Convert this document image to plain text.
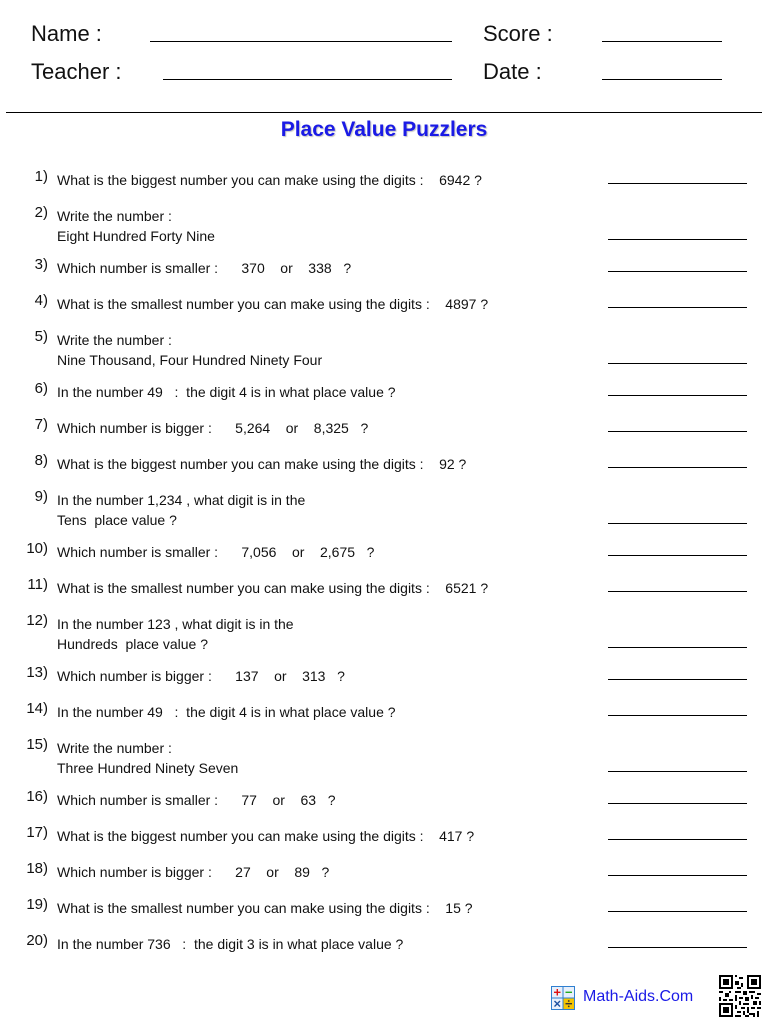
Name :
Teacher :
Score :
Date :
Place Value Puzzlers
1) What is the biggest number you can make using the digits :    6942 ?
2) Write the number :
Eight Hundred Forty Nine
3) Which number is smaller :      370    or    338   ?
4) What is the smallest number you can make using the digits :    4897 ?
5) Write the number :
Nine Thousand, Four Hundred Ninety Four
6) In the number 49   :  the digit 4 is in what place value ?
7) Which number is bigger :      5,264    or    8,325   ?
8) What is the biggest number you can make using the digits :    92 ?
9) In the number 1,234 , what digit is in the
Tens  place value ?
10) Which number is smaller :      7,056    or    2,675   ?
11) What is the smallest number you can make using the digits :    6521 ?
12) In the number 123 , what digit is in the
Hundreds  place value ?
13) Which number is bigger :      137    or    313   ?
14) In the number 49   :  the digit 4 is in what place value ?
15) Write the number :
Three Hundred Ninety Seven
16) Which number is smaller :      77    or    63   ?
17) What is the biggest number you can make using the digits :    417 ?
18) Which number is bigger :      27    or    89   ?
19) What is the smallest number you can make using the digits :    15 ?
20) In the number 736   :  the digit 3 is in what place value ?
Math-Aids.Com
